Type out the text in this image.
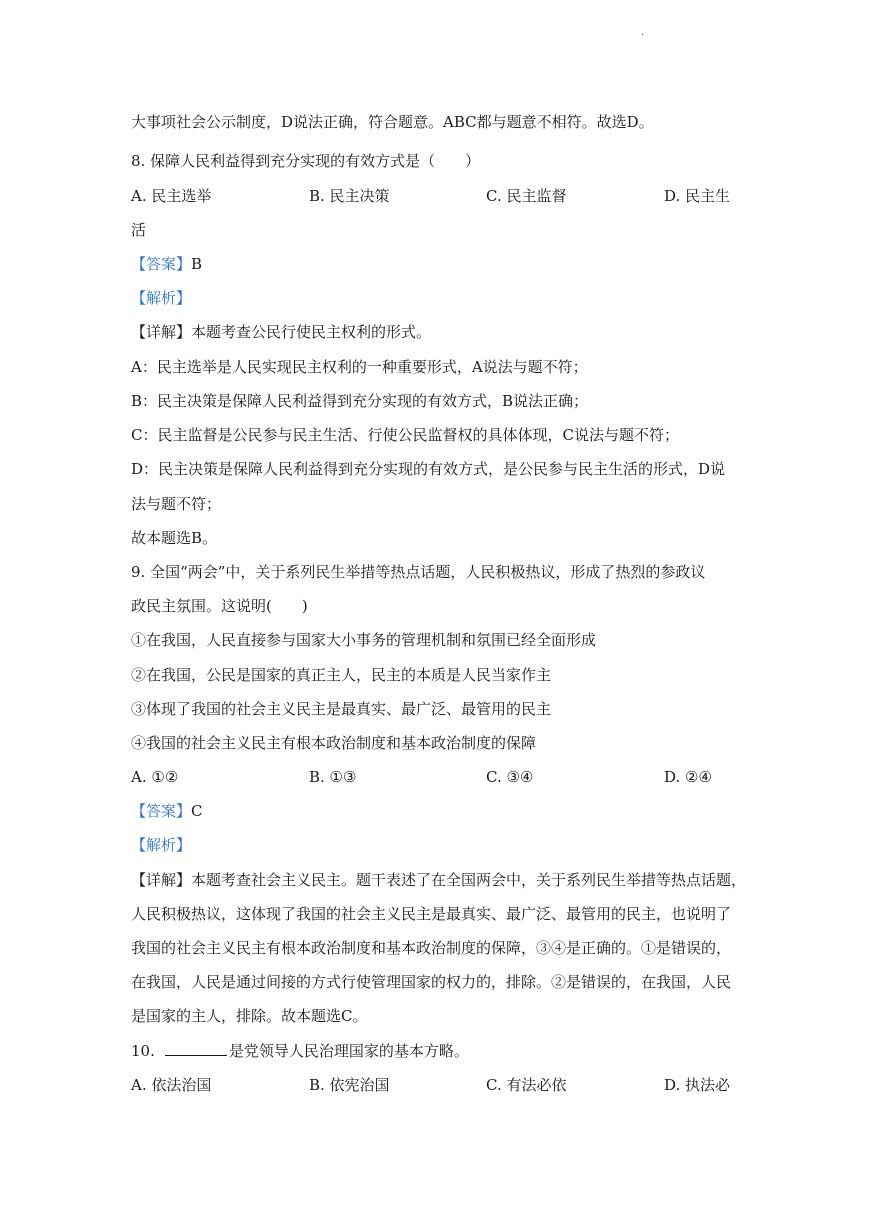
·
大事项社会公示制度，D说法正确，符合题意。ABC都与题意不相符。故选D。
8. 保障人民利益得到充分实现的有效方式是（　　）
A. 民主选举	B. 民主决策	C. 民主监督	D. 民主生
活
【答案】B
【解析】
【详解】本题考查公民行使民主权利的形式。
A：民主选举是人民实现民主权利的一种重要形式，A说法与题不符；
B：民主决策是保障人民利益得到充分实现的有效方式，B说法正确；
C：民主监督是公民参与民主生活、行使公民监督权的具体体现，C说法与题不符；
D：民主决策是保障人民利益得到充分实现的有效方式，是公民参与民主生活的形式，D说
法与题不符；
故本题选B。
9. 全国“两会”中，关于系列民生举措等热点话题，人民积极热议，形成了热烈的参政议
政民主氛围。这说明(　　)
①在我国，人民直接参与国家大小事务的管理机制和氛围已经全面形成
②在我国，公民是国家的真正主人，民主的本质是人民当家作主
③体现了我国的社会主义民主是最真实、最广泛、最管用的民主
④我国的社会主义民主有根本政治制度和基本政治制度的保障
A. ①②	B. ①③	C. ③④	D. ②④
【答案】C
【解析】
【详解】本题考查社会主义民主。题干表述了在全国两会中，关于系列民生举措等热点话题，
人民积极热议，这体现了我国的社会主义民主是最真实、最广泛、最管用的民主，也说明了
我国的社会主义民主有根本政治制度和基本政治制度的保障，③④是正确的。①是错误的，
在我国，人民是通过间接的方式行使管理国家的权力的，排除。②是错误的，在我国，人民
是国家的主人，排除。故本题选C。
10.	是党领导人民治理国家的基本方略。
A. 依法治国	B. 依宪治国	C. 有法必依	D. 执法必
